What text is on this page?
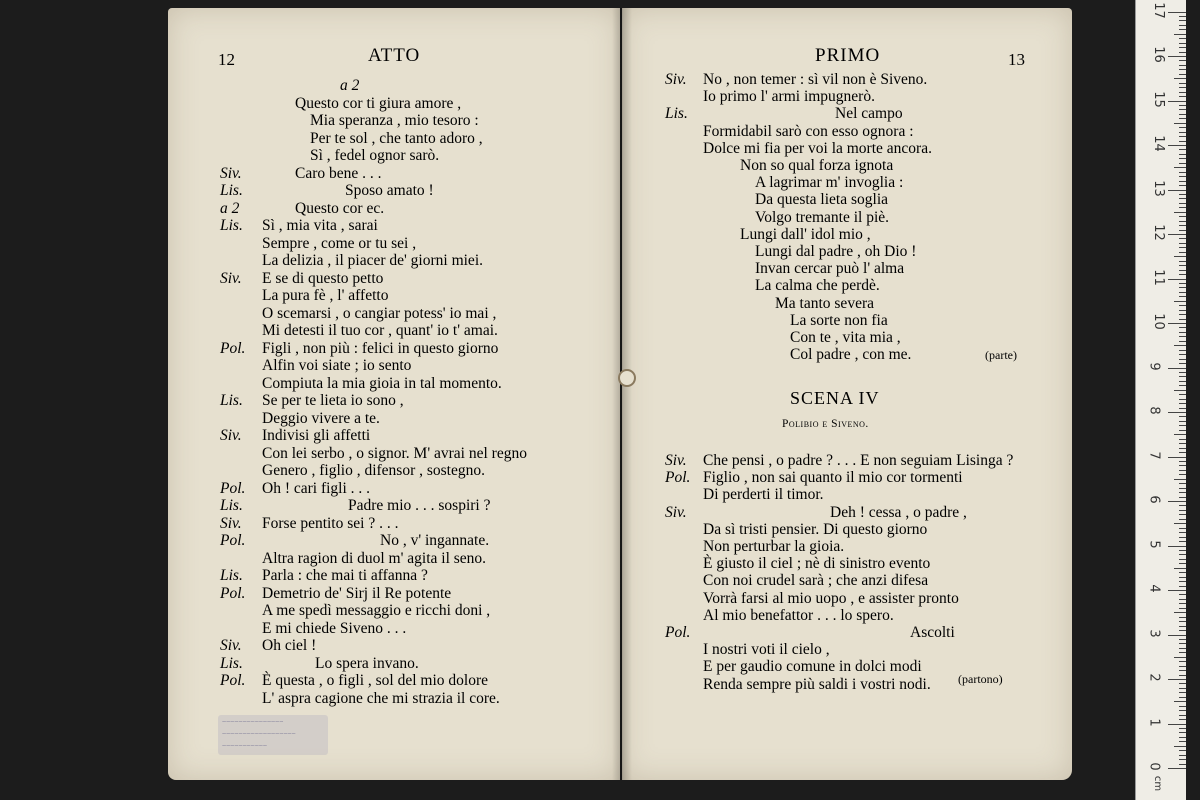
12	ATTO	PRIMO	13
a 2
Questo cor ti giura amore ,
Mia speranza , mio tesoro :
Per te sol , che tanto adoro ,
Sì , fedel ognor sarò.
Siv.	Caro bene . . .
Lis.	Sposo amato !
a 2	Questo cor ec.
Lis. Sì , mia vita , sarai
Sempre , come or tu sei ,
La delizia , il piacer de' giorni miei.
Siv. E se di questo petto
La pura fè , l' affetto
O scemarsi , o cangiar potess' io mai ,
Mi detesti il tuo cor , quant' io t' amai.
Pol. Figli , non più : felici in questo giorno
Alfin voi siate ; io sento
Compiuta la mia gioia in tal momento.
Lis. Se per te lieta io sono ,
Deggio vivere a te.
Siv. Indivisi gli affetti
Con lei serbo , o signor. M' avrai nel regno
Genero , figlio , difensor , sostegno.
Pol. Oh ! cari figli . . .
Lis.	Padre mio . . . sospiri ?
Siv. Forse pentito sei ? . . .
Pol.	No , v' ingannate.
Altra ragion di duol m' agita il seno.
Lis. Parla : che mai ti affanna ?
Pol. Demetrio de' Sirj il Re potente
A me spedì messaggio e ricchi doni ,
E mi chiede Siveno . . .
Siv. Oh ciel !
Lis.	Lo spera invano.
Pol. È questa , o figli , sol del mio dolore
L' aspra cagione che mi strazia il core.
Siv. No , non temer : sì vil non è Siveno.
Io primo l' armi impugnerò.
Lis.	Nel campo
Formidabil sarò con esso ognora :
Dolce mi fia per voi la morte ancora.
Non so qual forza ignota
A lagrimar m' invoglia :
Da questa lieta soglia
Volgo tremante il piè.
Lungi dall' idol mio ,
Lungi dal padre , oh Dio !
Invan cercar può l' alma
La calma che perdè.
Ma tanto severa
La sorte non fia
Con te , vita mia ,
Col padre , con me.
Siv. Che pensi , o padre ? . . . E non seguiam Lisinga ?
Pol. Figlio , non sai quanto il mio cor tormenti
Di perderti il timor.
Siv.	Deh ! cessa , o padre ,
Da sì tristi pensier. Di questo giorno
Non perturbar la gioia.
È giusto il ciel ; nè di sinistro evento
Con noi crudel sarà ; che anzi difesa
Vorrà farsi al mio uopo , e assister pronto
Al mio benefattor . . . lo spero.
Pol.	Ascolti
I nostri voti il cielo ,
E per gaudio comune in dolci modi
Renda sempre più saldi i vostri nodi.
(parte)
SCENA IV
Polibio e Siveno.
(partono)
~~~~~~~~~~~~~~~
~~~~~~~~~~~~~~~~~~
~~~~~~~~~~~
0
1
2
3
4
5
6
7
8
9
10
11
12
13
14
15
16
17
cm
